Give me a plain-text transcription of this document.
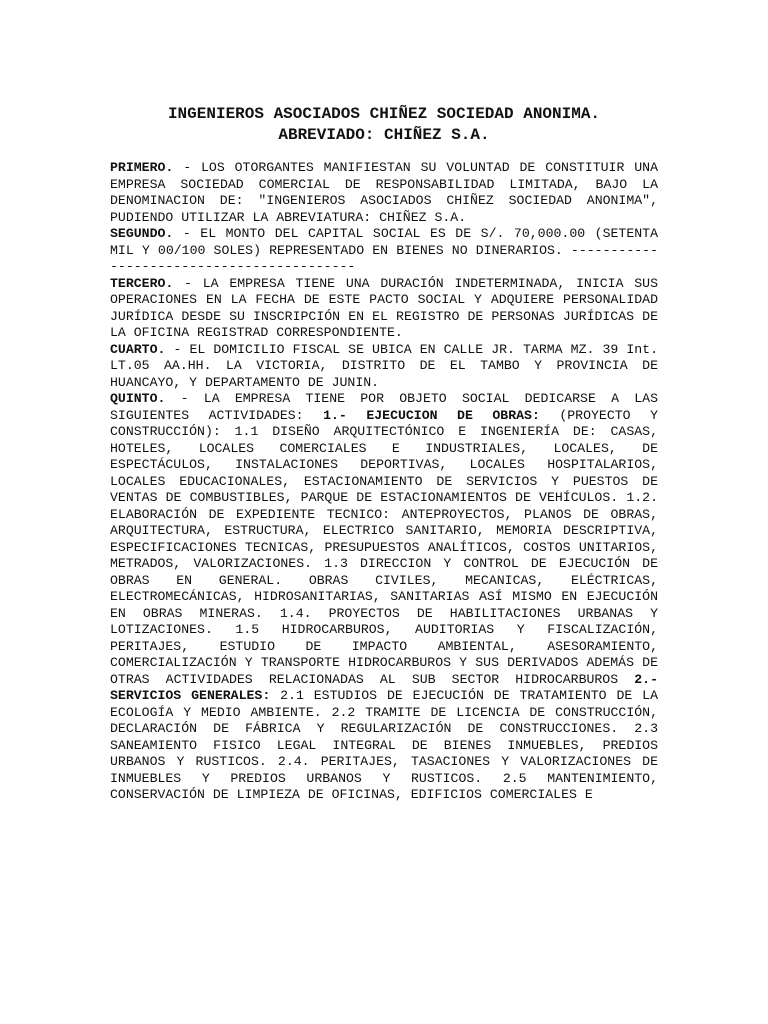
INGENIEROS ASOCIADOS CHIÑEZ SOCIEDAD ANONIMA.
ABREVIADO: CHIÑEZ S.A.

PRIMERO. - LOS OTORGANTES MANIFIESTAN SU VOLUNTAD DE CONSTITUIR UNA EMPRESA SOCIEDAD COMERCIAL DE RESPONSABILIDAD LIMITADA, BAJO LA DENOMINACION DE: "INGENIEROS ASOCIADOS CHIÑEZ SOCIEDAD ANONIMA", PUDIENDO UTILIZAR LA ABREVIATURA: CHIÑEZ S.A.

SEGUNDO. - EL MONTO DEL CAPITAL SOCIAL ES DE S/. 70,000.00 (SETENTA MIL Y 00/100 SOLES) REPRESENTADO EN BIENES NO DINERARIOS. ------------------------------------------

TERCERO. - LA EMPRESA TIENE UNA DURACIÓN INDETERMINADA, INICIA SUS OPERACIONES EN LA FECHA DE ESTE PACTO SOCIAL Y ADQUIERE PERSONALIDAD JURÍDICA DESDE SU INSCRIPCIÓN EN EL REGISTRO DE PERSONAS JURÍDICAS DE LA OFICINA REGISTRAD CORRESPONDIENTE.

CUARTO. - EL DOMICILIO FISCAL SE UBICA EN CALLE JR. TARMA MZ. 39 Int. LT.05 AA.HH. LA VICTORIA, DISTRITO DE EL TAMBO Y PROVINCIA DE HUANCAYO, Y DEPARTAMENTO DE JUNIN.

QUINTO. - LA EMPRESA TIENE POR OBJETO SOCIAL DEDICARSE A LAS SIGUIENTES ACTIVIDADES: 1.- EJECUCION DE OBRAS: (PROYECTO Y CONSTRUCCIÓN): 1.1 DISEÑO ARQUITECTÓNICO E INGENIERÍA DE: CASAS, HOTELES, LOCALES COMERCIALES E INDUSTRIALES, LOCALES, DE ESPECTÁCULOS, INSTALACIONES DEPORTIVAS, LOCALES HOSPITALARIOS, LOCALES EDUCACIONALES, ESTACIONAMIENTO DE SERVICIOS Y PUESTOS DE VENTAS DE COMBUSTIBLES, PARQUE DE ESTACIONAMIENTOS DE VEHÍCULOS. 1.2. ELABORACIÓN DE EXPEDIENTE TECNICO: ANTEPROYECTOS, PLANOS DE OBRAS, ARQUITECTURA, ESTRUCTURA, ELECTRICO SANITARIO, MEMORIA DESCRIPTIVA, ESPECIFICACIONES TECNICAS, PRESUPUESTOS ANALÍTICOS, COSTOS UNITARIOS, METRADOS, VALORIZACIONES. 1.3 DIRECCION Y CONTROL DE EJECUCIÓN DE OBRAS EN GENERAL. OBRAS CIVILES, MECANICAS, ELÉCTRICAS, ELECTROMECÁNICAS, HIDROSANITARIAS, SANITARIAS ASÍ MISMO EN EJECUCIÓN EN OBRAS MINERAS. 1.4. PROYECTOS DE HABILITACIONES URBANAS Y LOTIZACIONES. 1.5 HIDROCARBUROS, AUDITORIAS Y FISCALIZACIÓN, PERITAJES, ESTUDIO DE IMPACTO AMBIENTAL, ASESORAMIENTO, COMERCIALIZACIÓN Y TRANSPORTE HIDROCARBUROS Y SUS DERIVADOS ADEMÁS DE OTRAS ACTIVIDADES RELACIONADAS AL SUB SECTOR HIDROCARBUROS 2.- SERVICIOS GENERALES: 2.1 ESTUDIOS DE EJECUCIÓN DE TRATAMIENTO DE LA ECOLOGÍA Y MEDIO AMBIENTE. 2.2 TRAMITE DE LICENCIA DE CONSTRUCCIÓN, DECLARACIÓN DE FÁBRICA Y REGULARIZACIÓN DE CONSTRUCCIONES. 2.3 SANEAMIENTO FISICO LEGAL INTEGRAL DE BIENES INMUEBLES, PREDIOS URBANOS Y RUSTICOS. 2.4. PERITAJES, TASACIONES Y VALORIZACIONES DE INMUEBLES Y PREDIOS URBANOS Y RUSTICOS. 2.5 MANTENIMIENTO, CONSERVACIÓN DE LIMPIEZA DE OFICINAS, EDIFICIOS COMERCIALES E
